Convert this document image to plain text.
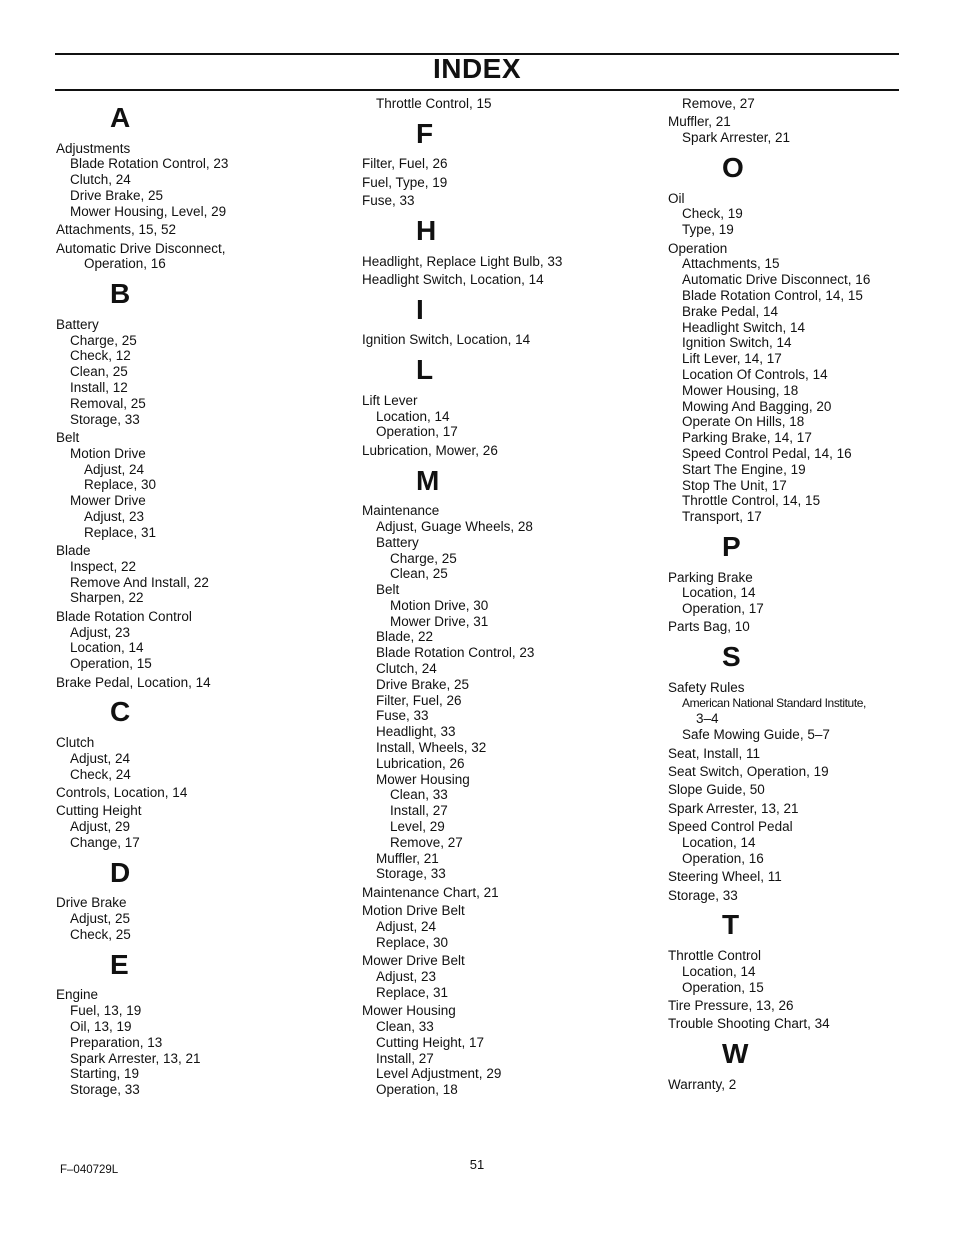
INDEX
A
Adjustments
Blade Rotation Control, 23
Clutch, 24
Drive Brake, 25
Mower Housing, Level, 29
Attachments, 15, 52
Automatic Drive Disconnect,
Operation, 16
B
Battery
Charge, 25
Check, 12
Clean, 25
Install, 12
Removal, 25
Storage, 33
Belt
Motion Drive
Adjust, 24
Replace, 30
Mower Drive
Adjust, 23
Replace, 31
Blade
Inspect, 22
Remove And Install, 22
Sharpen, 22
Blade Rotation Control
Adjust, 23
Location, 14
Operation, 15
Brake Pedal, Location, 14
C
Clutch
Adjust, 24
Check, 24
Controls, Location, 14
Cutting Height
Adjust, 29
Change, 17
D
Drive Brake
Adjust, 25
Check, 25
E
Engine
Fuel, 13, 19
Oil, 13, 19
Preparation, 13
Spark Arrester, 13, 21
Starting, 19
Storage, 33
Throttle Control, 15
F
Filter, Fuel, 26
Fuel, Type, 19
Fuse, 33
H
Headlight, Replace Light Bulb, 33
Headlight Switch, Location, 14
I
Ignition Switch, Location, 14
L
Lift Lever
Location, 14
Operation, 17
Lubrication, Mower, 26
M
Maintenance
Adjust, Guage Wheels, 28
Battery
Charge, 25
Clean, 25
Belt
Motion Drive, 30
Mower Drive, 31
Blade, 22
Blade Rotation Control, 23
Clutch, 24
Drive Brake, 25
Filter, Fuel, 26
Fuse, 33
Headlight, 33
Install, Wheels, 32
Lubrication, 26
Mower Housing
Clean, 33
Install, 27
Level, 29
Remove, 27
Muffler, 21
Storage, 33
Maintenance Chart, 21
Motion Drive Belt
Adjust, 24
Replace, 30
Mower Drive Belt
Adjust, 23
Replace, 31
Mower Housing
Clean, 33
Cutting Height, 17
Install, 27
Level Adjustment, 29
Operation, 18
Remove, 27
Muffler, 21
Spark Arrester, 21
O
Oil
Check, 19
Type, 19
Operation
Attachments, 15
Automatic Drive Disconnect, 16
Blade Rotation Control, 14, 15
Brake Pedal, 14
Headlight Switch, 14
Ignition Switch, 14
Lift Lever, 14, 17
Location Of Controls, 14
Mower Housing, 18
Mowing And Bagging, 20
Operate On Hills, 18
Parking Brake, 14, 17
Speed Control Pedal, 14, 16
Start The Engine, 19
Stop The Unit, 17
Throttle Control, 14, 15
Transport, 17
P
Parking Brake
Location, 14
Operation, 17
Parts Bag, 10
S
Safety Rules
American National Standard Institute,
3–4
Safe Mowing Guide, 5–7
Seat, Install, 11
Seat Switch, Operation, 19
Slope Guide, 50
Spark Arrester, 13, 21
Speed Control Pedal
Location, 14
Operation, 16
Steering Wheel, 11
Storage, 33
T
Throttle Control
Location, 14
Operation, 15
Tire Pressure, 13, 26
Trouble Shooting Chart, 34
W
Warranty, 2
F–040729L	51
